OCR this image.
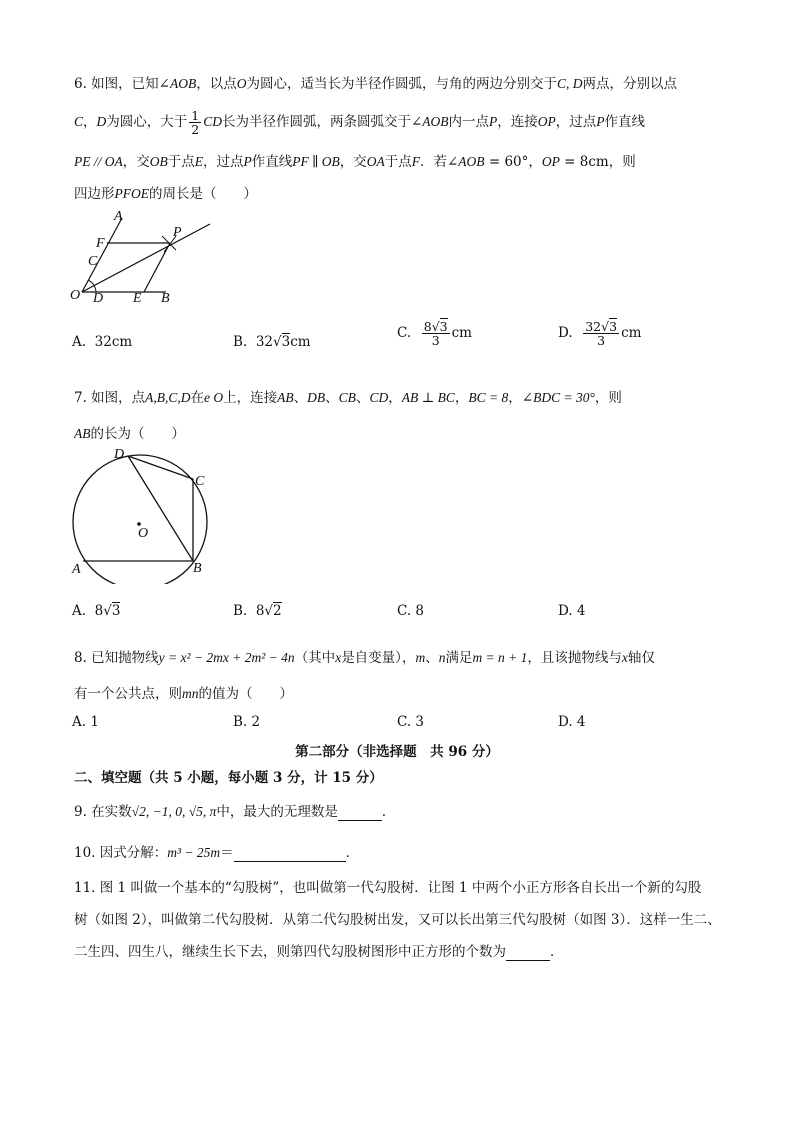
6. 如图，已知∠AOB，以点O为圆心，适当长为半径作圆弧，与角的两边分别交于C, D两点，分别以点
C，D为圆心，大于 $\frac{1}{2}$ CD长为半径作圆弧，两条圆弧交于∠AOB内一点P，连接OP，过点P作直线
PE // OA，交OB于点E，过点P作直线PF ∥ OB，交OA于点F．若∠AOB = 60°，OP = 8cm，则
四边形PFOE的周长是（　　）
A
F
C
O D E B
P
A. 32cm	B. 32√3cm
C. $\frac{8√3}{3}$ cm	D. $\frac{32√3}{3}$ cm
7. 如图，点A,B,C,D在e O上，连接AB、DB、CB、CD，AB ⊥ BC，BC = 8，∠BDC = 30°，则
AB的长为（　　）
D
C
O
A	B
A. 8√3	B. 8√2	C. 8	D. 4
8. 已知抛物线y = x² − 2mx + 2m² − 4n（其中x是自变量），m、n满足m = n + 1，且该抛物线与x轴仅
有一个公共点，则mn的值为（　　）
A. 1	B. 2	C. 3	D. 4
第二部分（非选择题　共 96 分）
二、填空题（共 5 小题，每小题 3 分，计 15 分）
9. 在实数√2, −1, 0, √5, π中，最大的无理数是	．
10. 因式分解：m³ − 25m＝	．
11. 图 1 叫做一个基本的“勾股树”，也叫做第一代勾股树．让图 1 中两个小正方形各自长出一个新的勾股
树（如图 2），叫做第二代勾股树．从第二代勾股树出发，又可以长出第三代勾股树（如图 3）．这样一生二、
二生四、四生八，继续生长下去，则第四代勾股树图形中正方形的个数为	．
